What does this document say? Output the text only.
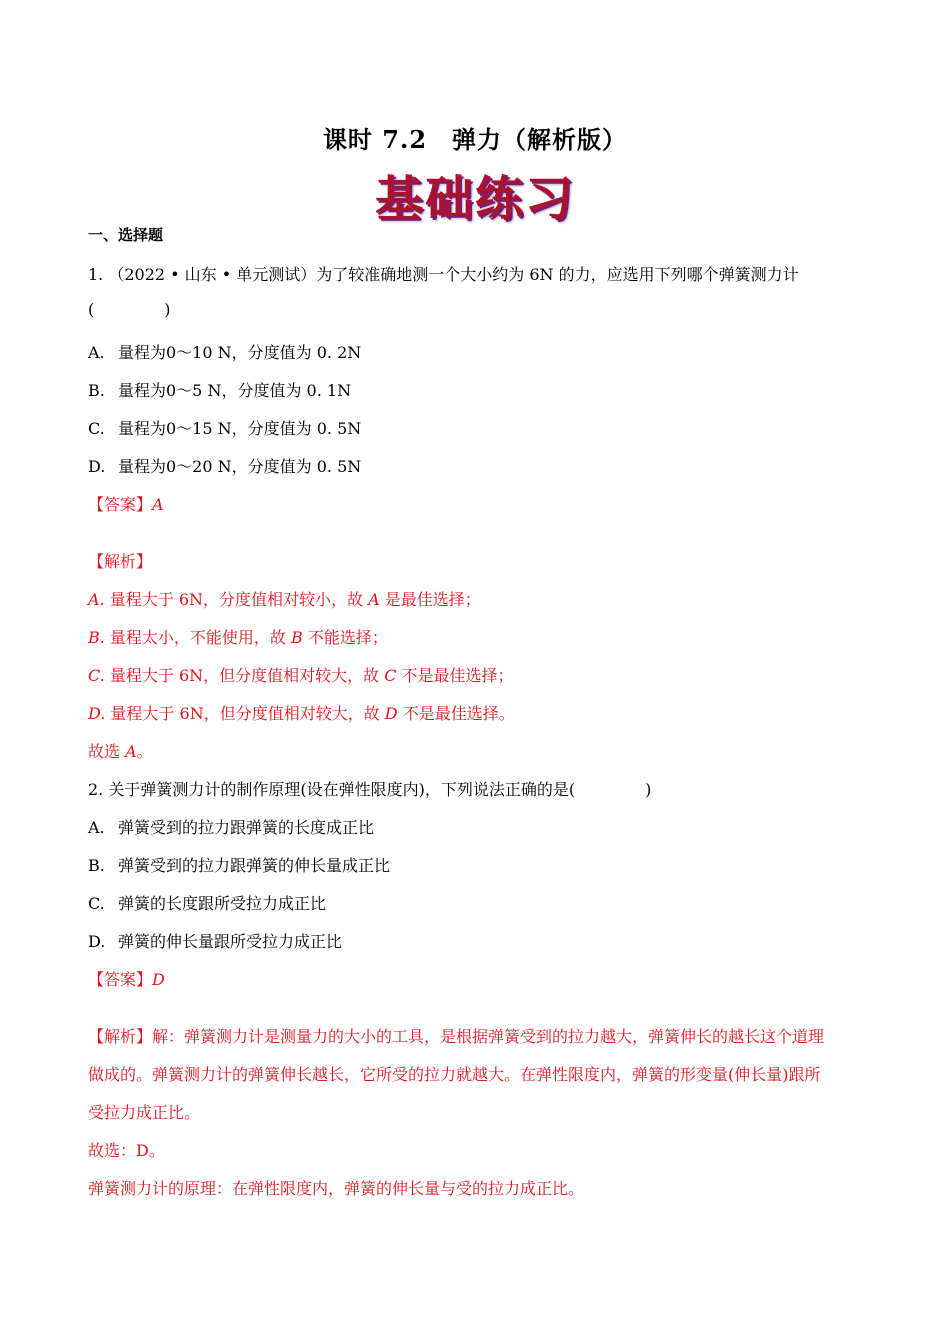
课时 7.2　弹力（解析版）
基础练习
一、选择题
1. （2022 • 山东 • 单元测试）为了较准确地测一个大小约为 6N 的力，应选用下列哪个弹簧测力计
(	)
A. 量程为0～10 N，分度值为 0. 2N
B. 量程为0～5 N，分度值为 0. 1N
C. 量程为0～15 N，分度值为 0. 5N
D. 量程为0～20 N，分度值为 0. 5N
【答案】A
【解析】
A. 量程大于 6N，分度值相对较小，故 A 是最佳选择；
B. 量程太小，不能使用，故 B 不能选择；
C. 量程大于 6N，但分度值相对较大，故 C 不是最佳选择；
D. 量程大于 6N，但分度值相对较大，故 D 不是最佳选择。
故选 A。
2. 关于弹簧测力计的制作原理(设在弹性限度内)，下列说法正确的是(	)
A. 弹簧受到的拉力跟弹簧的长度成正比
B. 弹簧受到的拉力跟弹簧的伸长量成正比
C. 弹簧的长度跟所受拉力成正比
D. 弹簧的伸长量跟所受拉力成正比
【答案】D
【解析】解：弹簧测力计是测量力的大小的工具，是根据弹簧受到的拉力越大，弹簧伸长的越长这个道理
做成的。弹簧测力计的弹簧伸长越长，它所受的拉力就越大。在弹性限度内，弹簧的形变量(伸长量)跟所
受拉力成正比。
故选：D。
弹簧测力计的原理：在弹性限度内，弹簧的伸长量与受的拉力成正比。
